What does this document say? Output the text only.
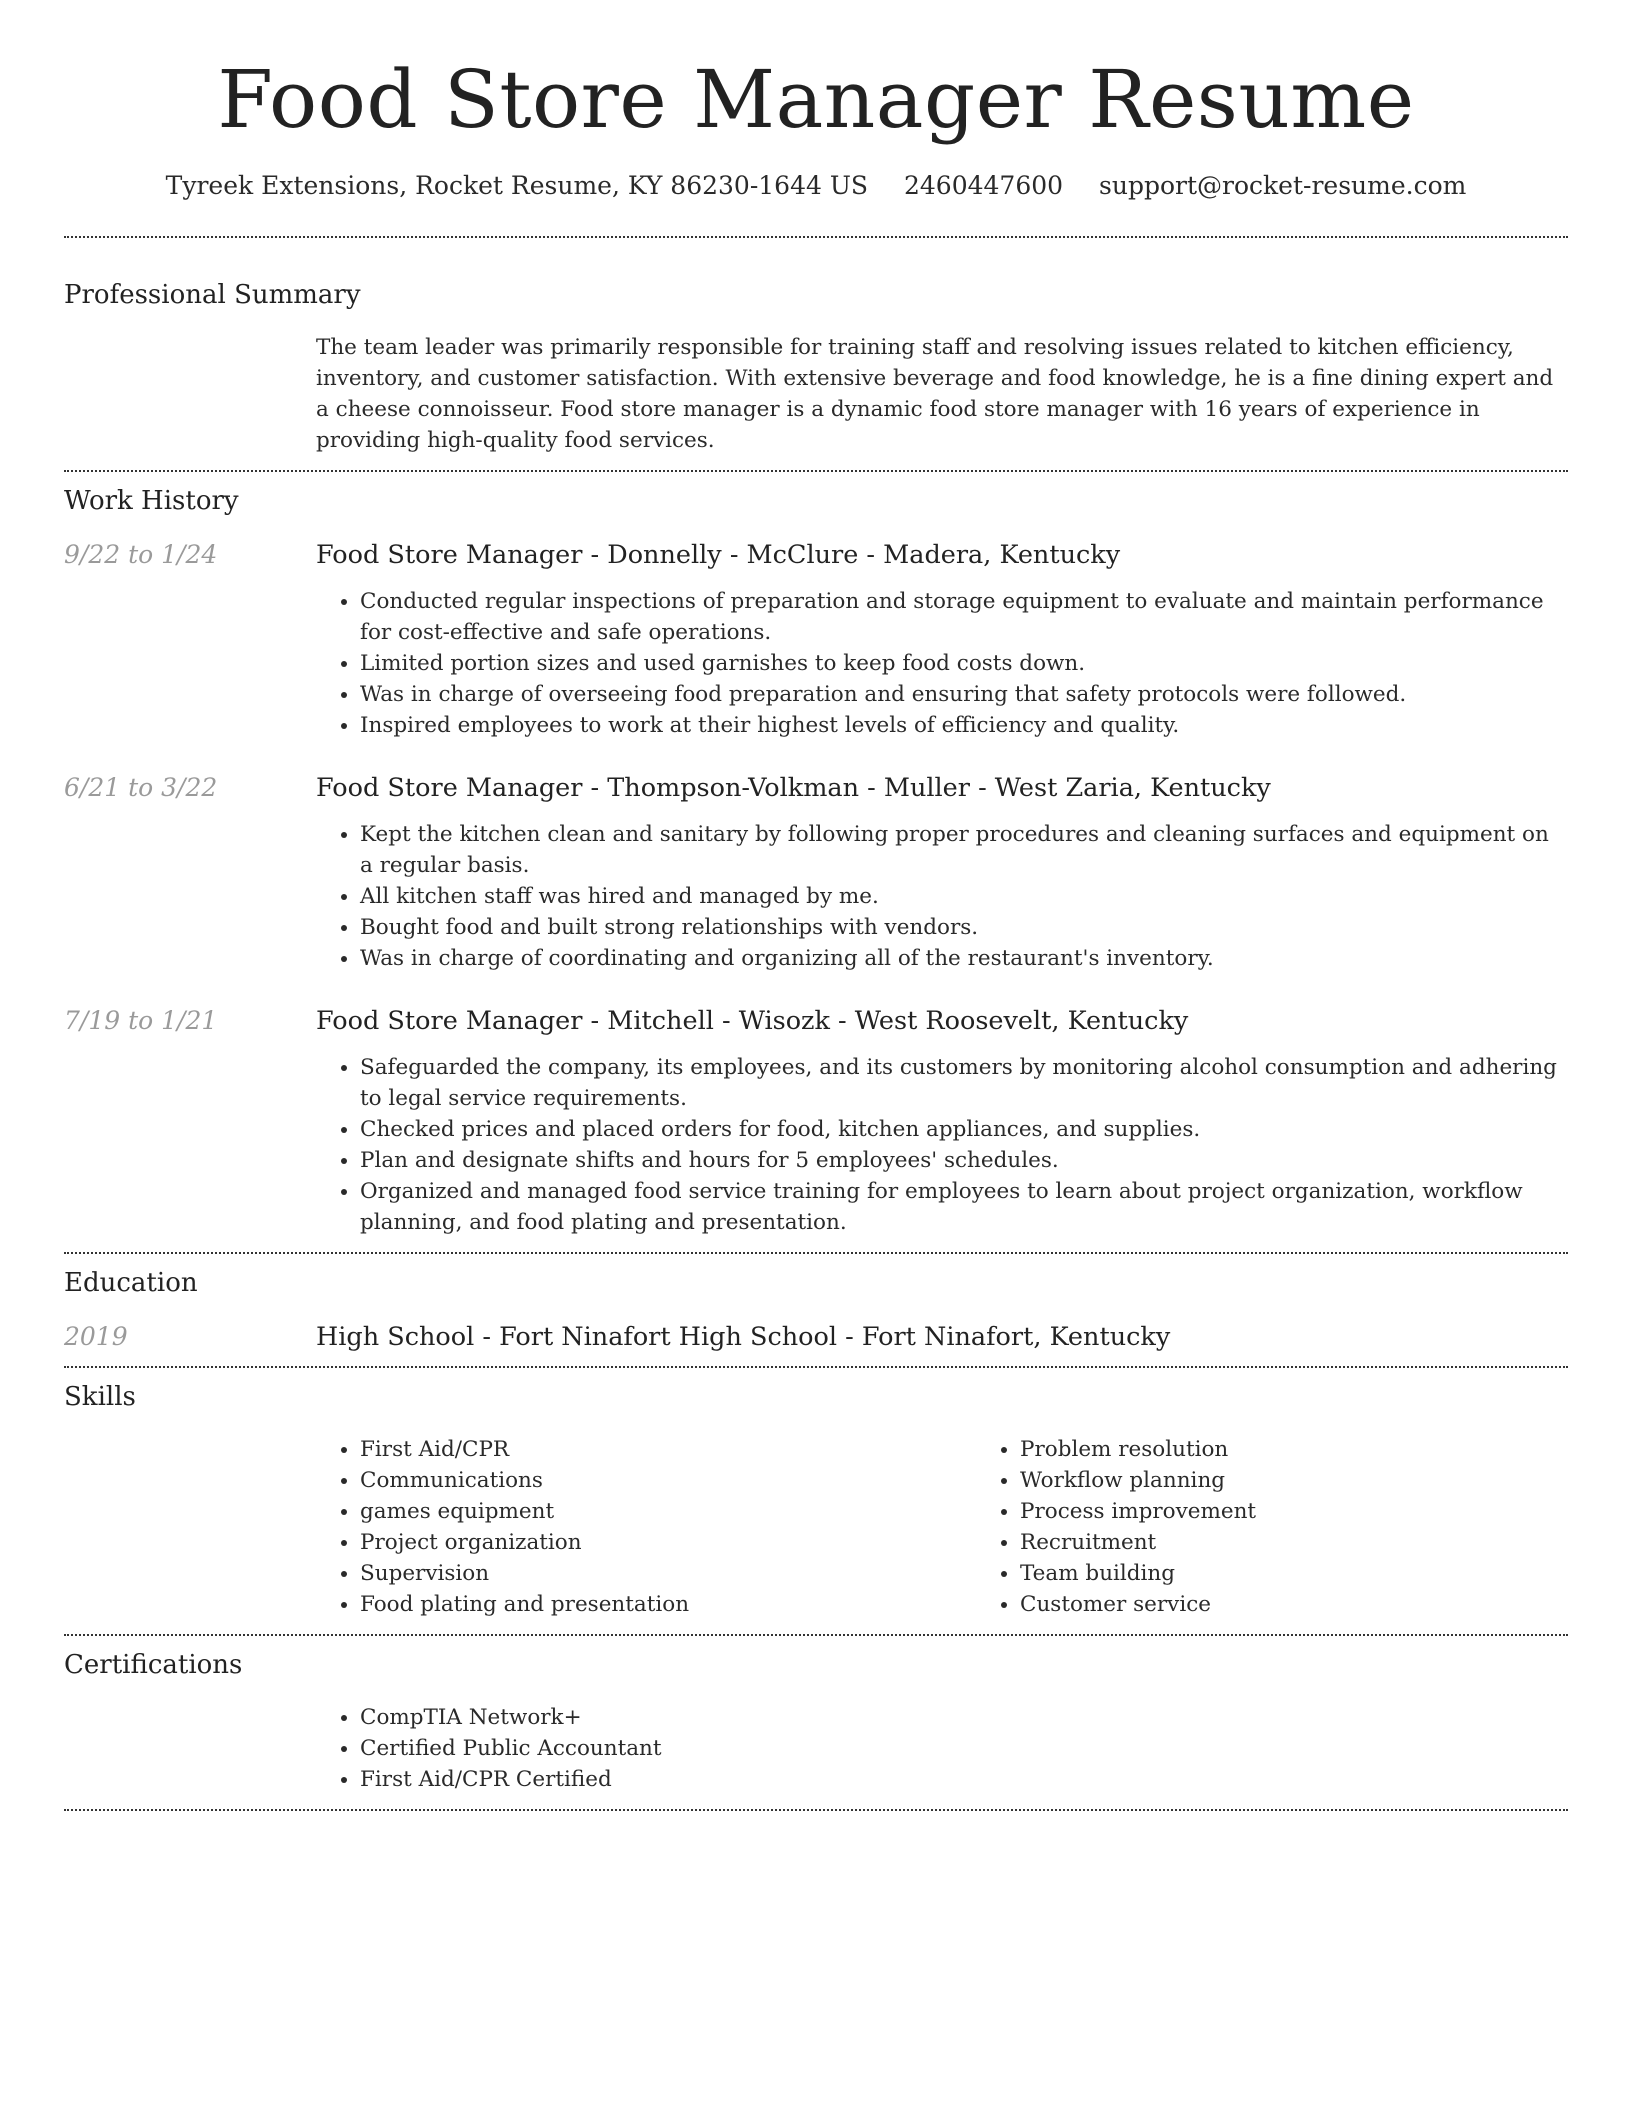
Food Store Manager Resume
Tyreek Extensions, Rocket Resume, KY 86230-1644 US 2460447600 support@rocket-resume.com
Professional Summary

The team leader was primarily responsible for training staff and resolving issues related to kitchen efficiency, inventory, and customer satisfaction. With extensive beverage and food knowledge, he is a fine dining expert and a cheese connoisseur. Food store manager is a dynamic food store manager with 16 years of experience in providing high-quality food services.

Work History
9/22 to 1/24	Food Store Manager - Donnelly - McClure - Madera, Kentucky
• Conducted regular inspections of preparation and storage equipment to evaluate and maintain performance for cost-effective and safe operations.
• Limited portion sizes and used garnishes to keep food costs down.
• Was in charge of overseeing food preparation and ensuring that safety protocols were followed.
• Inspired employees to work at their highest levels of efficiency and quality.
6/21 to 3/22	Food Store Manager - Thompson-Volkman - Muller - West Zaria, Kentucky
• Kept the kitchen clean and sanitary by following proper procedures and cleaning surfaces and equipment on a regular basis.
• All kitchen staff was hired and managed by me.
• Bought food and built strong relationships with vendors.
• Was in charge of coordinating and organizing all of the restaurant's inventory.
7/19 to 1/21	Food Store Manager - Mitchell - Wisozk - West Roosevelt, Kentucky
• Safeguarded the company, its employees, and its customers by monitoring alcohol consumption and adhering to legal service requirements.
• Checked prices and placed orders for food, kitchen appliances, and supplies.
• Plan and designate shifts and hours for 5 employees' schedules.
• Organized and managed food service training for employees to learn about project organization, workflow planning, and food plating and presentation.
Education
2019	High School - Fort Ninafort High School - Fort Ninafort, Kentucky
Skills
• First Aid/CPR
• Communications
• games equipment
• Project organization
• Supervision
• Food plating and presentation
• Problem resolution
• Workflow planning
• Process improvement
• Recruitment
• Team building
• Customer service
Certifications
• CompTIA Network+
• Certified Public Accountant
• First Aid/CPR Certified
